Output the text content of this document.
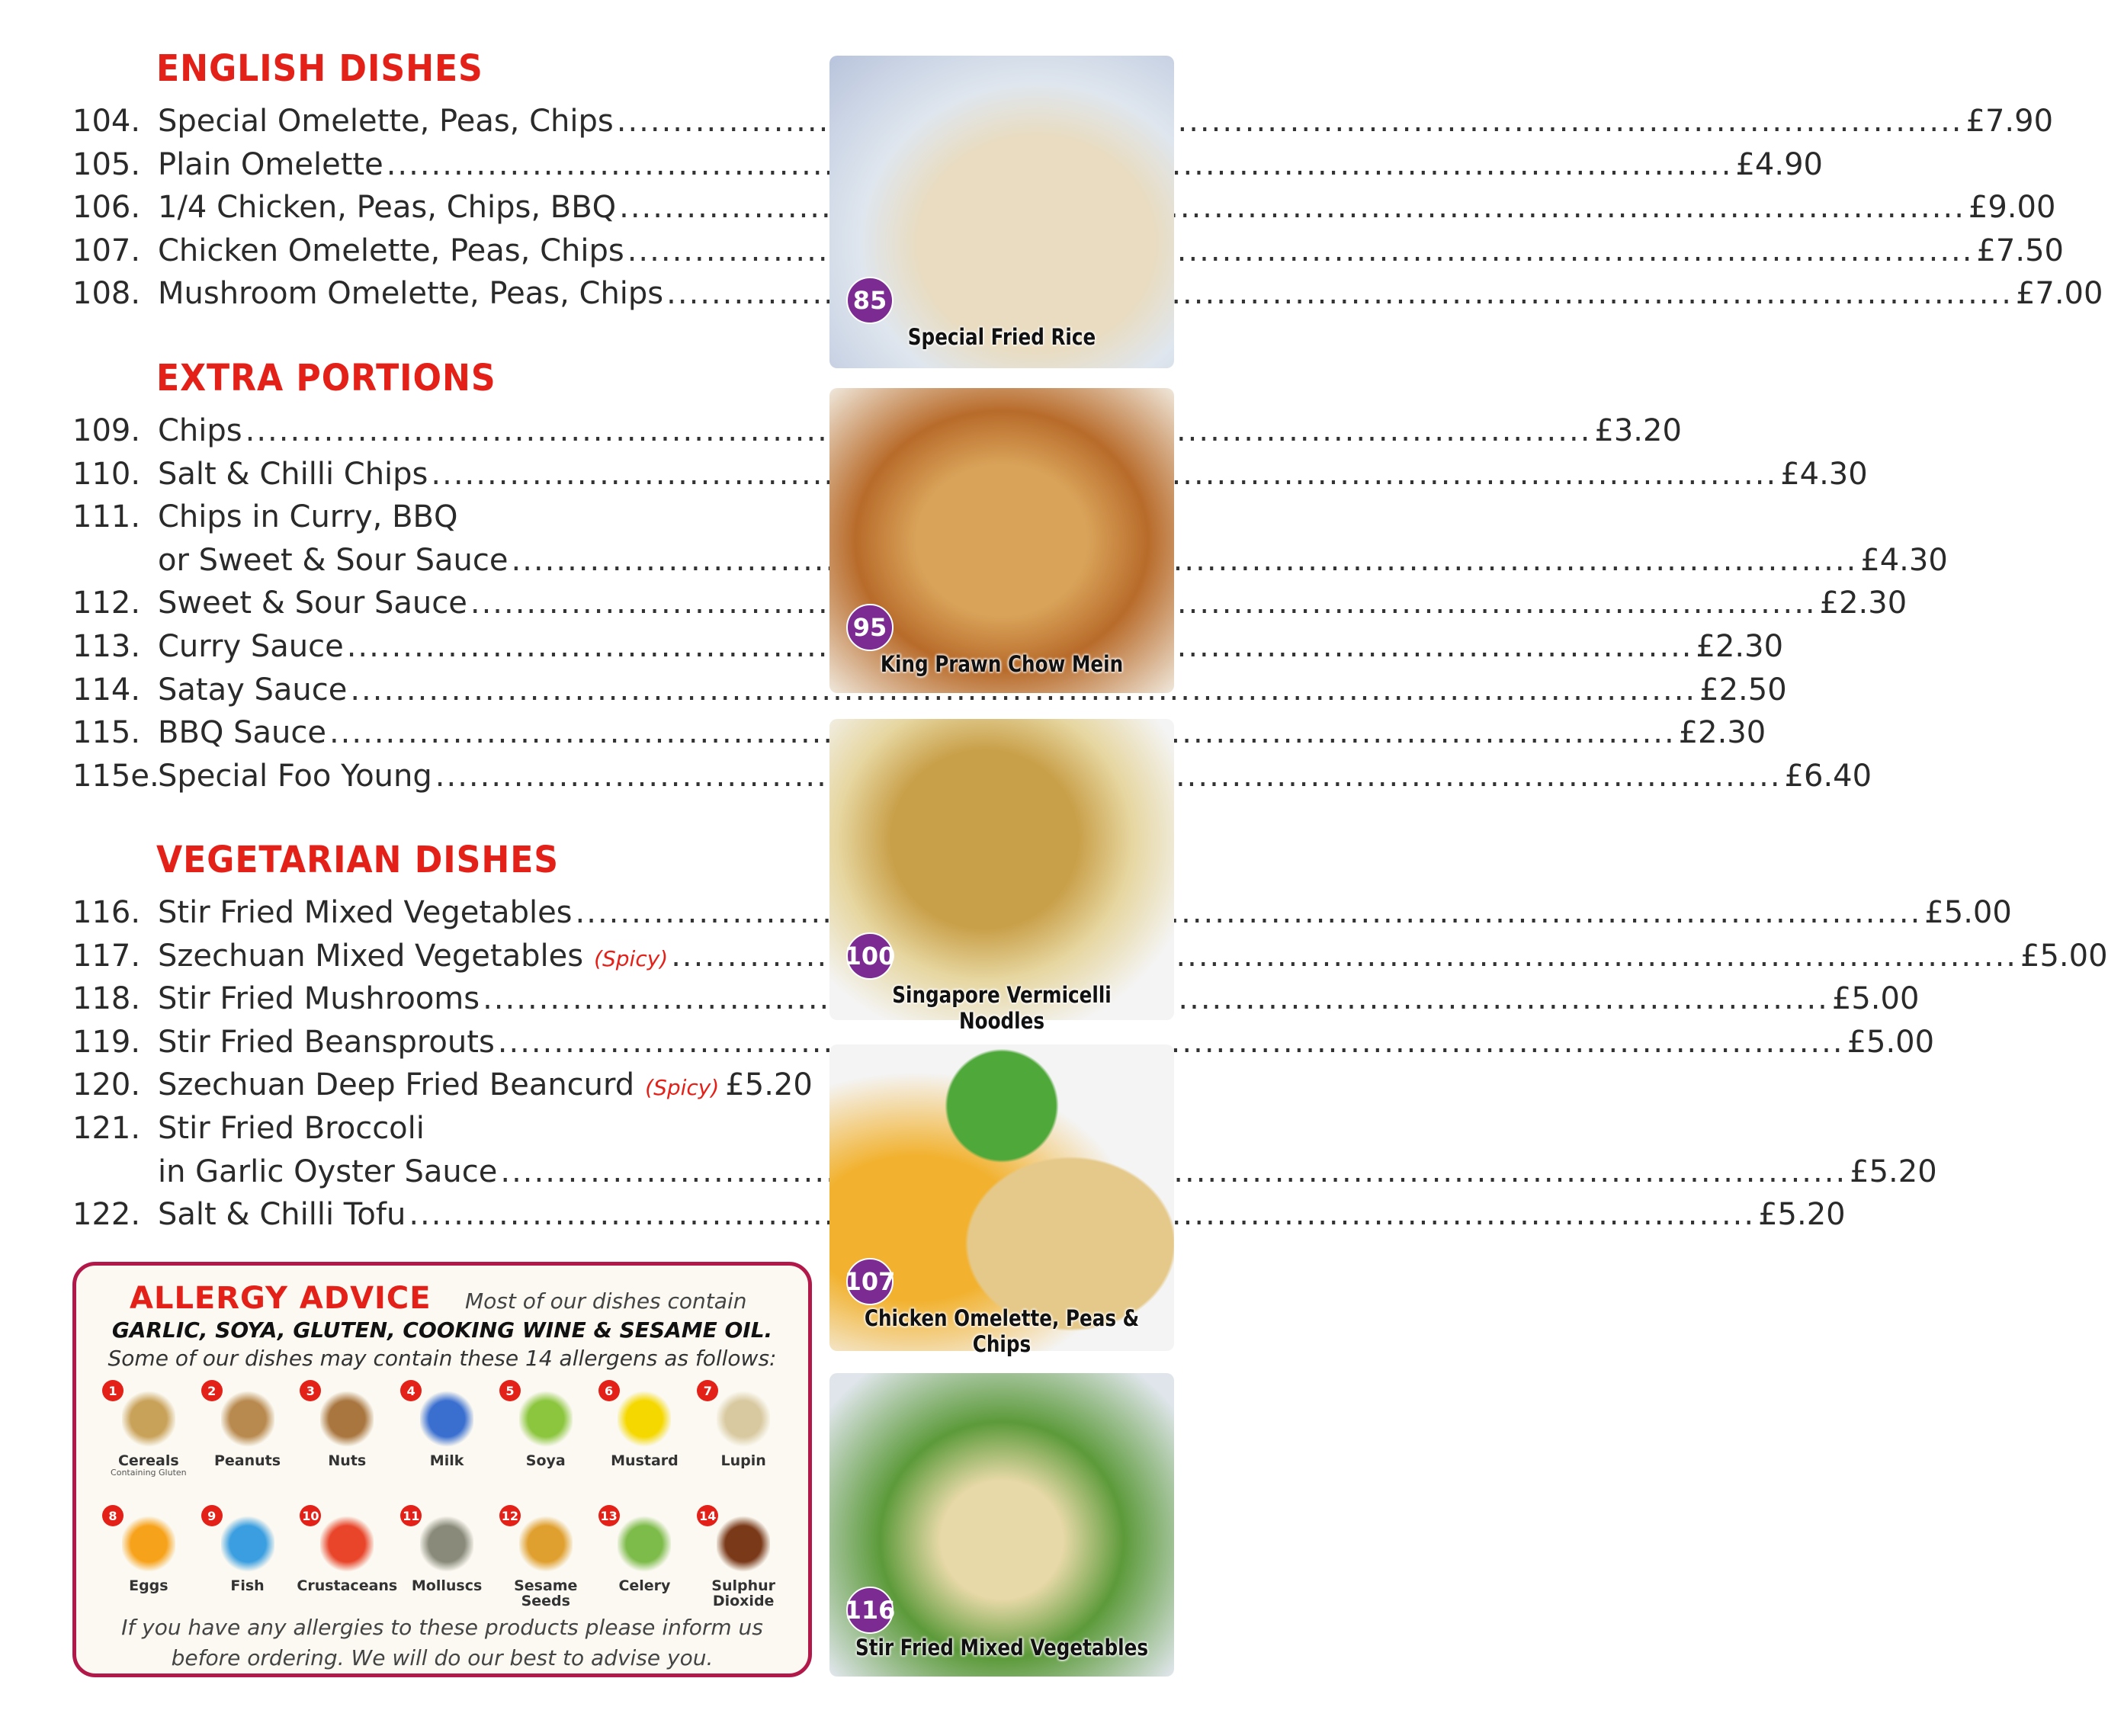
ENGLISH DISHES
104. Special Omelette, Peas, Chips .....	£7.90
105. Plain Omelette .....	£4.90
106. 1/4 Chicken, Peas, Chips, BBQ .....	£9.00
107. Chicken Omelette, Peas, Chips .....	£7.50
108. Mushroom Omelette, Peas, Chips .....	£7.00
EXTRA PORTIONS
109. Chips .....	£3.20
110. Salt & Chilli Chips .....	£4.30
111. Chips in Curry, BBQ
or Sweet & Sour Sauce .....	£4.30
112. Sweet & Sour Sauce .....	£2.30
113. Curry Sauce .....	£2.30
114. Satay Sauce .....	£2.50
115. BBQ Sauce .....	£2.30
115e.
Special Foo Young .....	£6.40
VEGETARIAN DISHES
116. Stir Fried Mixed Vegetables .....	£5.00
117. Szechuan Mixed Vegetables (Spicy) .....	£5.00
118. Stir Fried Mushrooms .....	£5.00
119. Stir Fried Beansprouts .....	£5.00
120. Szechuan Deep Fried Beancurd (Spicy) £5.20
121. Stir Fried Broccoli
in Garlic Oyster Sauce .....	£5.20
122. Salt & Chilli Tofu .....	£5.20
85
Special Fried Rice
95
King Prawn Chow Mein
100
Singapore Vermicelli Noodles
107
Chicken Omelette, Peas & Chips
116
Stir Fried Mixed Vegetables
ALLERGY ADVICE Most of our dishes contain
GARLIC, SOYA, GLUTEN, COOKING WINE & SESAME OIL.
Some of our dishes may contain these 14 allergens as follows:
1
Cereals
Containing Gluten
2
Peanuts
3
Nuts
4
Milk
5
Soya
6
Mustard
7
Lupin
8
Eggs
9
Fish
10
Crustaceans
11
Molluscs
12
Sesame Seeds
13
Celery
14
Sulphur Dioxide
If you have any allergies to these products please inform us
before ordering. We will do our best to advise you.
